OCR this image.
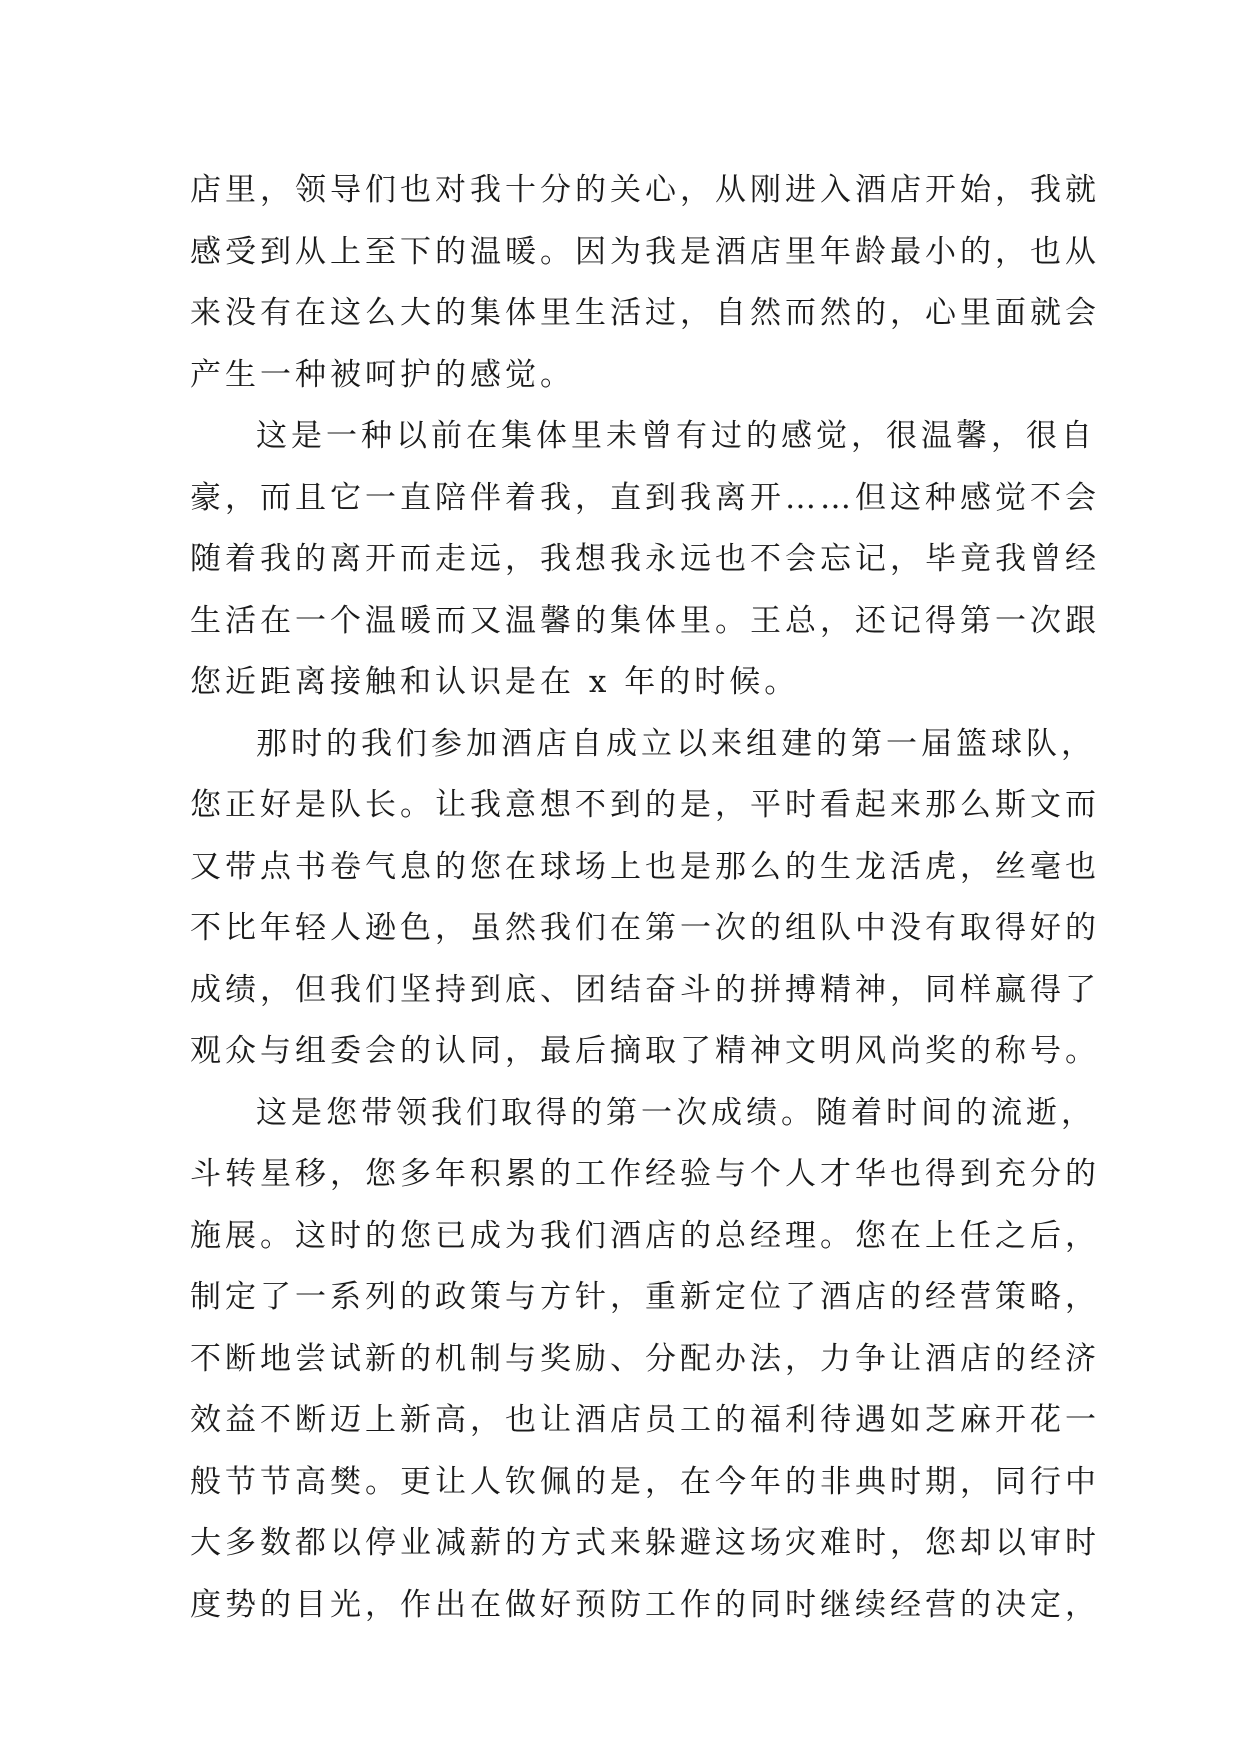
店里，领导们也对我十分的关心，从刚进入酒店开始，我就
感受到从上至下的温暖。因为我是酒店里年龄最小的，也从
来没有在这么大的集体里生活过，自然而然的，心里面就会
产生一种被呵护的感觉。
这是一种以前在集体里未曾有过的感觉，很温馨，很自
豪，而且它一直陪伴着我，直到我离开……但这种感觉不会
随着我的离开而走远，我想我永远也不会忘记，毕竟我曾经
生活在一个温暖而又温馨的集体里。王总，还记得第一次跟
您近距离接触和认识是在 x 年的时候。
那时的我们参加酒店自成立以来组建的第一届篮球队，
您正好是队长。让我意想不到的是，平时看起来那么斯文而
又带点书卷气息的您在球场上也是那么的生龙活虎，丝毫也
不比年轻人逊色，虽然我们在第一次的组队中没有取得好的
成绩，但我们坚持到底、团结奋斗的拼搏精神，同样赢得了
观众与组委会的认同，最后摘取了精神文明风尚奖的称号。
这是您带领我们取得的第一次成绩。随着时间的流逝，
斗转星移，您多年积累的工作经验与个人才华也得到充分的
施展。这时的您已成为我们酒店的总经理。您在上任之后，
制定了一系列的政策与方针，重新定位了酒店的经营策略，
不断地尝试新的机制与奖励、分配办法，力争让酒店的经济
效益不断迈上新高，也让酒店员工的福利待遇如芝麻开花一
般节节高樊。更让人钦佩的是，在今年的非典时期，同行中
大多数都以停业减薪的方式来躲避这场灾难时，您却以审时
度势的目光，作出在做好预防工作的同时继续经营的决定，
